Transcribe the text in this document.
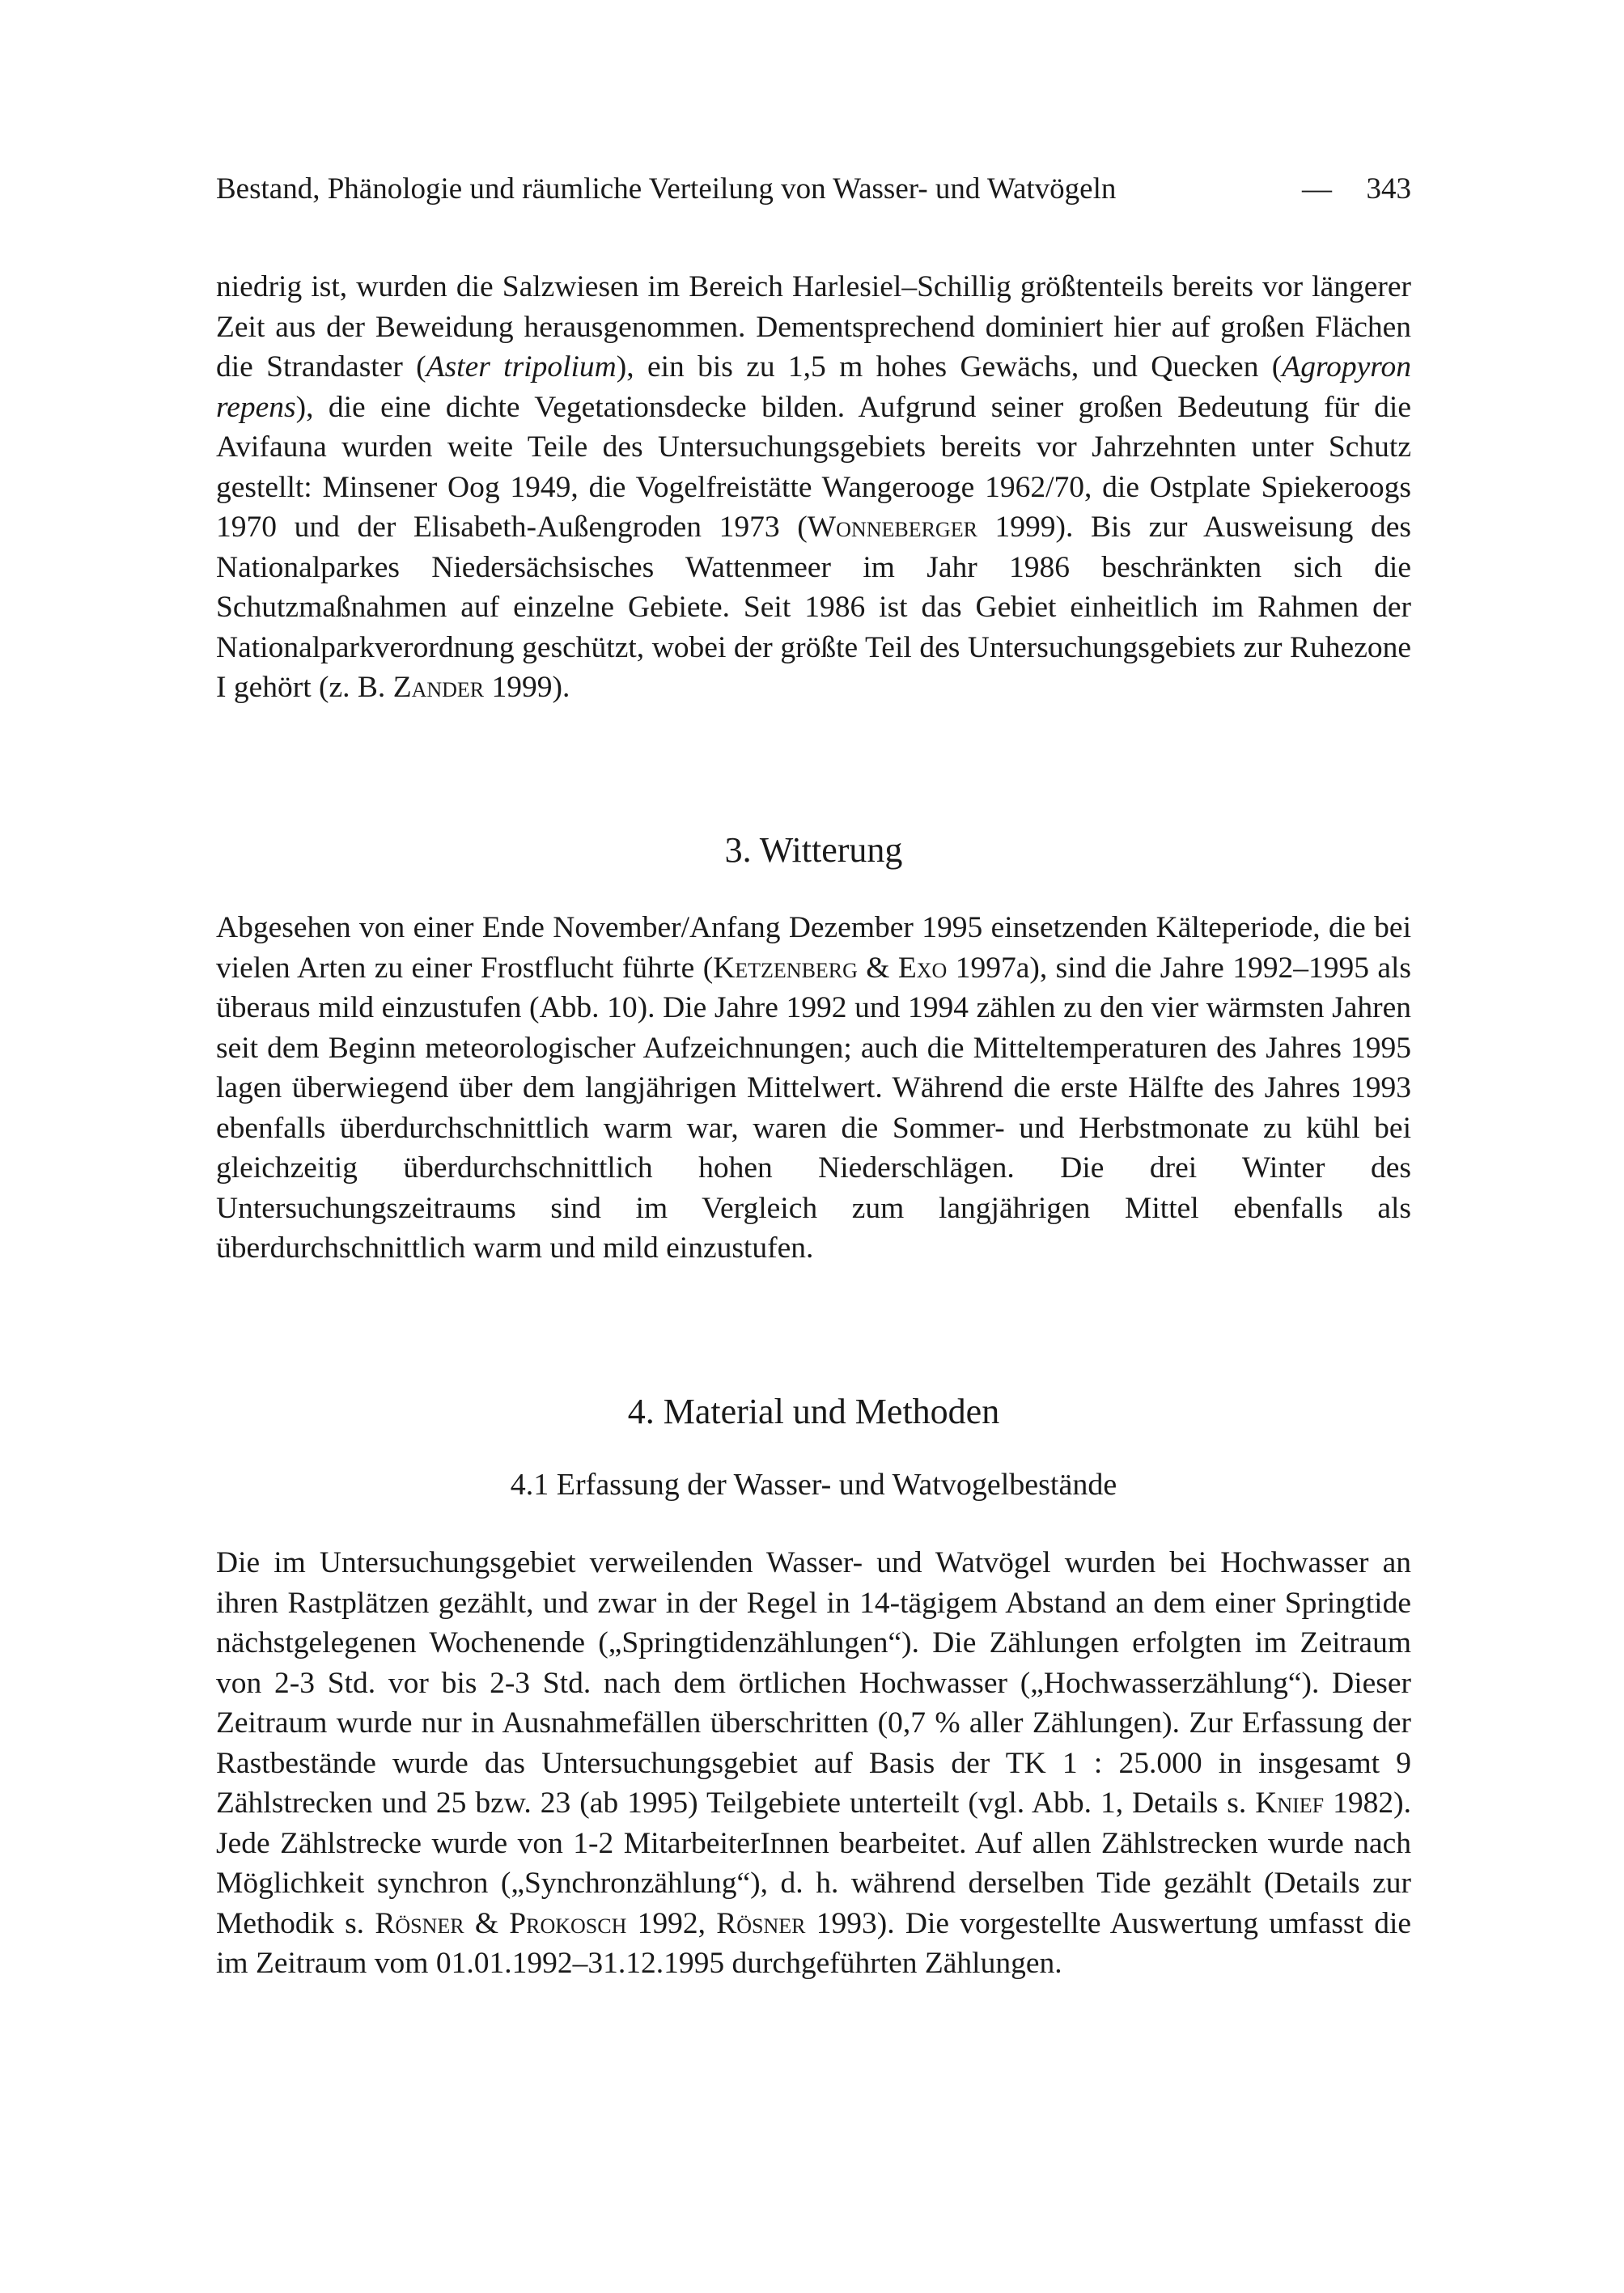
Bestand, Phänologie und räumliche Verteilung von Wasser- und Watvögeln	— 343

niedrig ist, wurden die Salzwiesen im Bereich Harlesiel–Schillig größtenteils bereits vor längerer Zeit aus der Beweidung herausgenommen. Dementsprechend dominiert hier auf großen Flächen die Strandaster (Aster tripolium), ein bis zu 1,5 m hohes Gewächs, und Quecken (Agropyron repens), die eine dichte Vegetationsdecke bilden. Aufgrund seiner großen Bedeutung für die Avifauna wurden weite Teile des Untersuchungsgebiets bereits vor Jahrzehnten unter Schutz gestellt: Minsener Oog 1949, die Vogelfreistätte Wangerooge 1962/70, die Ostplate Spiekeroogs 1970 und der Elisabeth-Außengroden 1973 (Wonneberger 1999). Bis zur Ausweisung des Nationalparkes Niedersächsisches Wattenmeer im Jahr 1986 beschränkten sich die Schutzmaßnahmen auf einzelne Gebiete. Seit 1986 ist das Gebiet einheitlich im Rahmen der Nationalparkverordnung geschützt, wobei der größte Teil des Untersuchungsgebiets zur Ruhezone I gehört (z. B. Zander 1999).

3. Witterung

Abgesehen von einer Ende November/Anfang Dezember 1995 einsetzenden Kälteperiode, die bei vielen Arten zu einer Frostflucht führte (Ketzenberg & Exo 1997a), sind die Jahre 1992–1995 als überaus mild einzustufen (Abb. 10). Die Jahre 1992 und 1994 zählen zu den vier wärmsten Jahren seit dem Beginn meteorologischer Aufzeichnungen; auch die Mitteltemperaturen des Jahres 1995 lagen überwiegend über dem langjährigen Mittelwert. Während die erste Hälfte des Jahres 1993 ebenfalls überdurchschnittlich warm war, waren die Sommer- und Herbstmonate zu kühl bei gleichzeitig überdurchschnittlich hohen Niederschlägen. Die drei Winter des Untersuchungszeitraums sind im Vergleich zum langjährigen Mittel ebenfalls als überdurchschnittlich warm und mild einzustufen.

4. Material und Methoden
4.1 Erfassung der Wasser- und Watvogelbestände

Die im Untersuchungsgebiet verweilenden Wasser- und Watvögel wurden bei Hochwasser an ihren Rastplätzen gezählt, und zwar in der Regel in 14-tägigem Abstand an dem einer Springtide nächstgelegenen Wochenende („Springtidenzählungen“). Die Zählungen erfolgten im Zeitraum von 2-3 Std. vor bis 2-3 Std. nach dem örtlichen Hochwasser („Hochwasserzählung“). Dieser Zeitraum wurde nur in Ausnahmefällen überschritten (0,7 % aller Zählungen). Zur Erfassung der Rastbestände wurde das Untersuchungsgebiet auf Basis der TK 1 : 25.000 in insgesamt 9 Zählstrecken und 25 bzw. 23 (ab 1995) Teilgebiete unterteilt (vgl. Abb. 1, Details s. Knief 1982). Jede Zählstrecke wurde von 1-2 MitarbeiterInnen bearbeitet. Auf allen Zählstrecken wurde nach Möglichkeit synchron („Synchronzählung“), d. h. während derselben Tide gezählt (Details zur Methodik s. Rösner & Prokosch 1992, Rösner 1993). Die vorgestellte Auswertung umfasst die im Zeitraum vom 01.01.1992–31.12.1995 durchgeführten Zählungen.
